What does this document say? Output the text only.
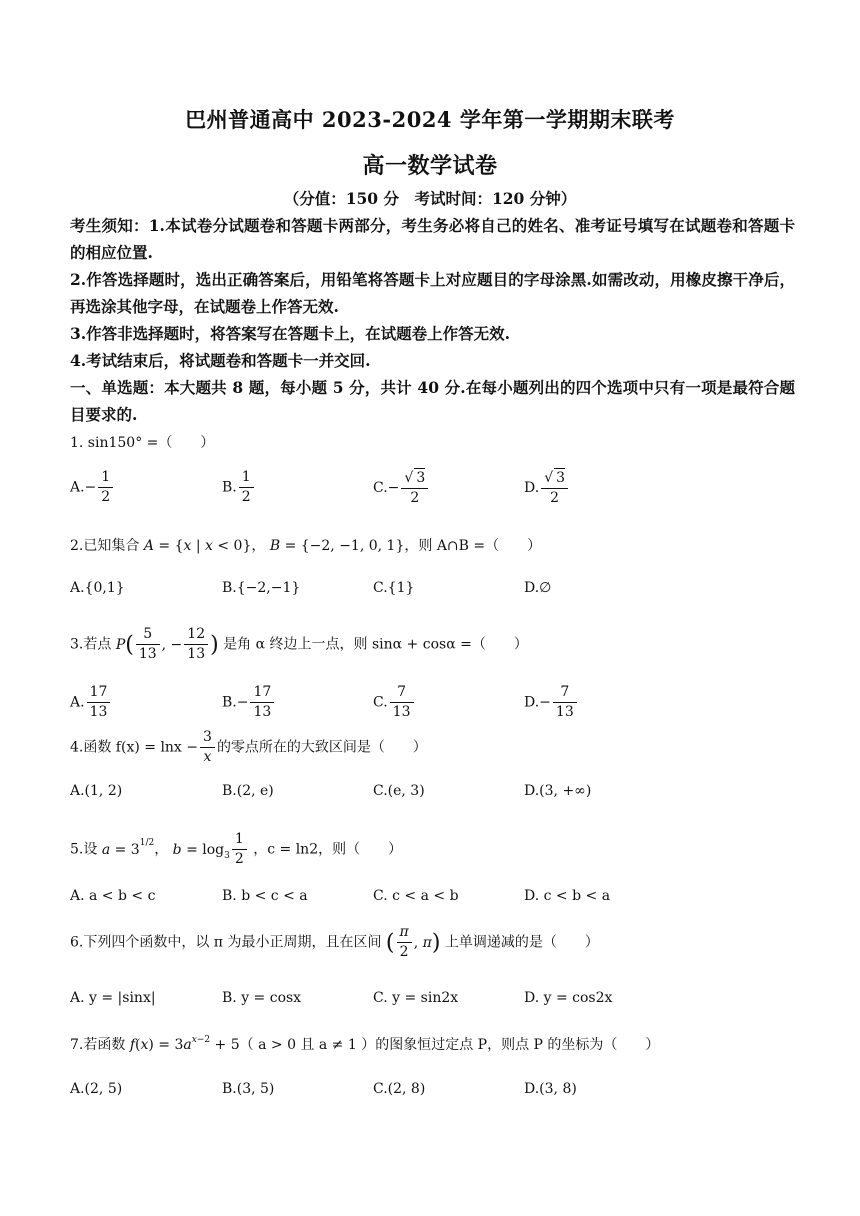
巴州普通高中 2023-2024 学年第一学期期末联考
高一数学试卷
（分值：150 分　考试时间：120 分钟）
考生须知：1.本试卷分试题卷和答题卡两部分，考生务必将自己的姓名、准考证号填写在试题卷和答题卡的相应位置.
2.作答选择题时，选出正确答案后，用铅笔将答题卡上对应题目的字母涂黑.如需改动，用橡皮擦干净后，再选涂其他字母，在试题卷上作答无效.
3.作答非选择题时，将答案写在答题卡上，在试题卷上作答无效.
4.考试结束后，将试题卷和答题卡一并交回.
一、单选题：本大题共 8 题，每小题 5 分，共计 40 分.在每小题列出的四个选项中只有一项是最符合题目要求的.
1. sin150° =（　　）
$A.- \frac{1}{2}$	B. $\frac{1}{2}$	$C.- \frac{√ 3}{2}$	D. $\frac{√ 3}{2}$
2.已知集合 A = {x | x < 0}， B = {−2, −1, 0, 1}，则 A∩B =（　　）
A.{0,1}	B.{−2,−1}	C.{1}	D.∅
3.若点 $P( \frac{5}{13}$ , − $\frac{12}{13}$ ) 是角 α 终边上一点，则 sinα + cosα =（　　）
A. $\frac{17}{13}$	$B.- \frac{17}{13}$	C. $\frac{7}{13}$	$D.- \frac{7}{13}$
4.函数 $f(x) = \ln x - \frac{3}{x}$ 的零点所在的大致区间是（　　）
A.(1, 2)	B.(2, e)	C.(e, 3)	D.(3, +∞)
5.设 $a = 3^{1/2}$， $b = \log_3 \frac{1}{2}$ ，c = ln2，则（　　）
A. a < b < c	B. b < c < a	C. c < a < b	D. c < b < a
6.下列四个函数中，以 π 为最小正周期，且在区间 ( $\frac{\pi}{2}$ , π) 上单调递减的是（　　）
A. y = |sinx|	B. y = cosx	C. y = sin2x	D. y = cos2x
7.若函数 $f(x) = 3a^{x-2} + 5$（ a > 0 且 a ≠ 1 ）的图象恒过定点 P，则点 P 的坐标为（　　）
A.(2, 5)	B.(3, 5)	C.(2, 8)	D.(3, 8)
